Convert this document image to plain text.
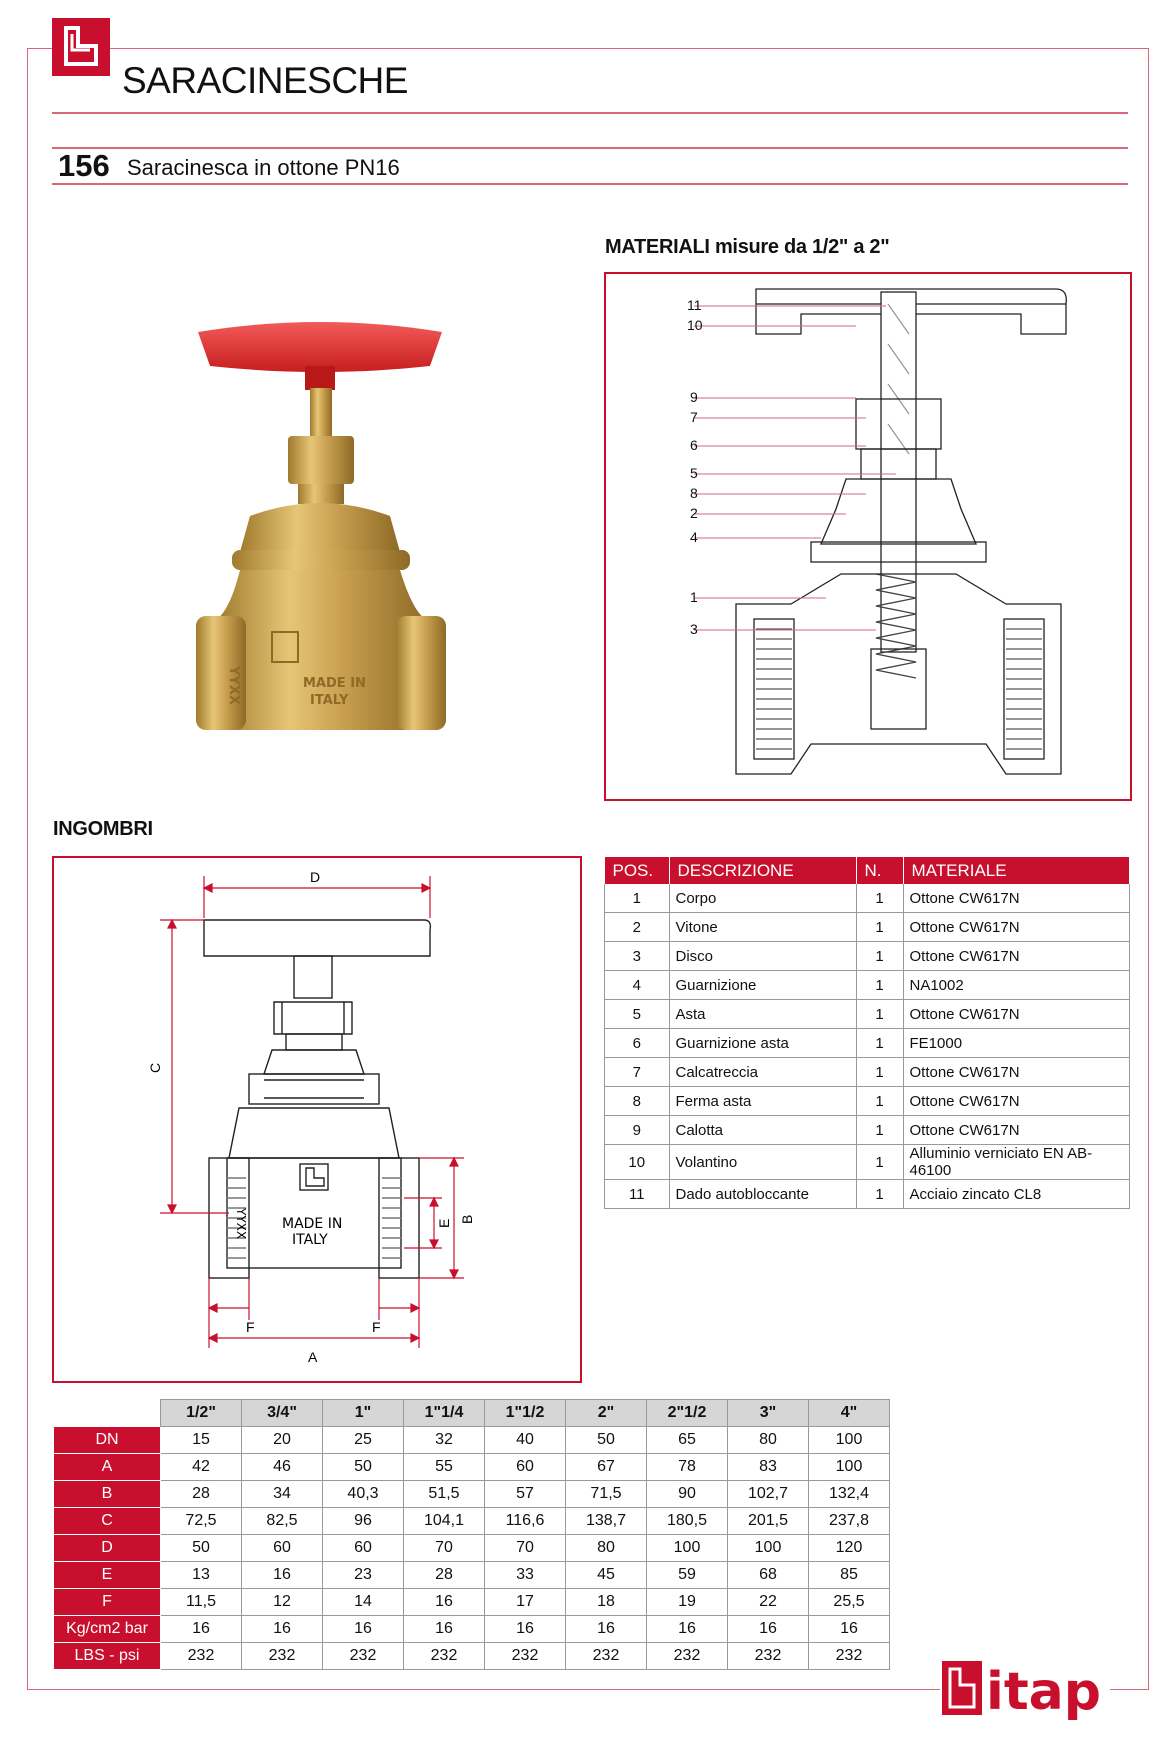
SARACINESCHE
156 Saracinesca in ottone PN16
MADE IN
ITALY
YYXX
MATERIALI misure da 1/2" a 2"
11
10
9
7
6
5
8
2
4
1
3
INGOMBRI
D
C
E B
F	F
A
MADE IN
ITALY
YYXX
POS.	DESCRIZIONE	N.	MATERIALE
1	Corpo	1	Ottone CW617N
2	Vitone	1	Ottone CW617N
3	Disco	1	Ottone CW617N
4	Guarnizione	1	NA1002
5	Asta	1	Ottone CW617N
6	Guarnizione asta	1	FE1000
7	Calcatreccia	1	Ottone CW617N
8	Ferma asta	1	Ottone CW617N
9	Calotta	1	Ottone CW617N
10	Volantino	1	Alluminio verniciato EN AB-46100
11	Dado autobloccante	1	Acciaio zincato CL8
	1/2"	3/4"	1"	1"1/4	1"1/2	2"	2"1/2	3"	4"
DN	15	20	25	32	40	50	65	80	100
A	42	46	50	55	60	67	78	83	100
B	28	34	40,3	51,5	57	71,5	90	102,7	132,4
C	72,5	82,5	96	104,1	116,6	138,7	180,5	201,5	237,8
D	50	60	60	70	70	80	100	100	120
E	13	16	23	28	33	45	59	68	85
F	11,5	12	14	16	17	18	19	22	25,5
Kg/cm2 bar	16	16	16	16	16	16	16	16	16
LBS - psi	232	232	232	232	232	232	232	232	232
itap
